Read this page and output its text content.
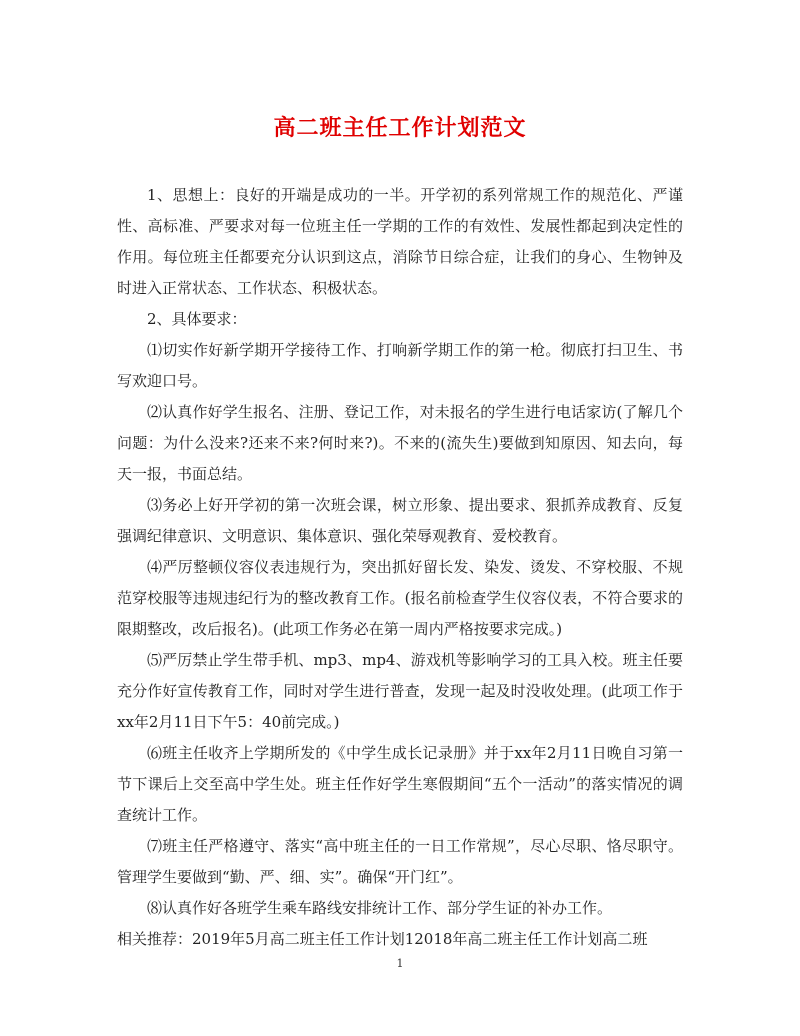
高二班主任工作计划范文

1、思想上：良好的开端是成功的一半。开学初的系列常规工作的规范化、严谨性、高标准、严要求对每一位班主任一学期的工作的有效性、发展性都起到决定性的作用。每位班主任都要充分认识到这点，消除节日综合症，让我们的身心、生物钟及时进入正常状态、工作状态、积极状态。

2、具体要求：

⑴切实作好新学期开学接待工作、打响新学期工作的第一枪。彻底打扫卫生、书写欢迎口号。

⑵认真作好学生报名、注册、登记工作，对未报名的学生进行电话家访(了解几个问题：为什么没来?还来不来?何时来?)。不来的(流失生)要做到知原因、知去向，每天一报，书面总结。

⑶务必上好开学初的第一次班会课，树立形象、提出要求、狠抓养成教育、反复强调纪律意识、文明意识、集体意识、强化荣辱观教育、爱校教育。

⑷严厉整顿仪容仪表违规行为，突出抓好留长发、染发、烫发、不穿校服、不规范穿校服等违规违纪行为的整改教育工作。(报名前检查学生仪容仪表，不符合要求的限期整改，改后报名)。(此项工作务必在第一周内严格按要求完成。)

⑸严厉禁止学生带手机、mp3、mp4、游戏机等影响学习的工具入校。班主任要充分作好宣传教育工作，同时对学生进行普查，发现一起及时没收处理。(此项工作于xx年2月11日下午5：40前完成。)

⑹班主任收齐上学期所发的《中学生成长记录册》并于xx年2月11日晚自习第一节下课后上交至高中学生处。班主任作好学生寒假期间“五个一活动”的落实情况的调查统计工作。

⑺班主任严格遵守、落实“高中班主任的一日工作常规”，尽心尽职、恪尽职守。管理学生要做到“勤、严、细、实”。确保“开门红”。

⑻认真作好各班学生乘车路线安排统计工作、部分学生证的补办工作。

相关推荐：2019年5月高二班主任工作计划12018年高二班主任工作计划高二班

1
